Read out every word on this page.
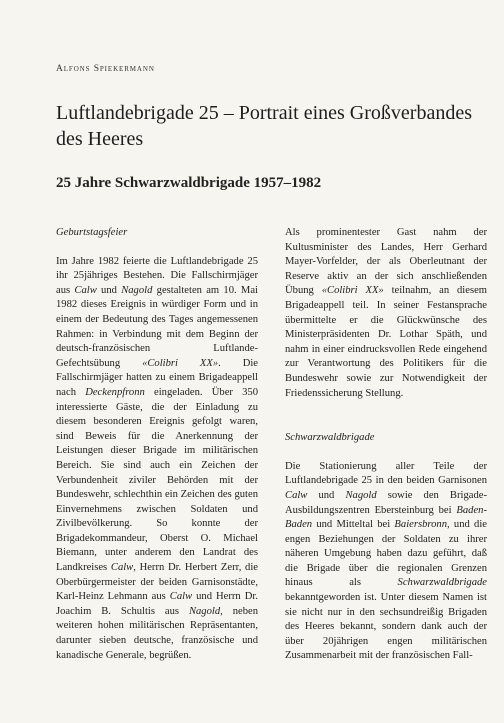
Alfons Spiekermann
Luftlandebrigade 25 – Portrait eines Großverbandes des Heeres
25 Jahre Schwarzwaldbrigade 1957–1982
Geburtstagsfeier

Im Jahre 1982 feierte die Luftlandebrigade 25 ihr 25jähriges Bestehen. Die Fallschirmjäger aus Calw und Nagold gestalteten am 10. Mai 1982 dieses Ereignis in würdiger Form und in einem der Bedeutung des Tages angemessenen Rahmen: in Verbindung mit dem Beginn der deutsch-französischen Luftlande-Gefechtsübung «Colibri XX». Die Fallschirmjäger hatten zu einem Brigadeappell nach Deckenpfronn eingeladen. Über 350 interessierte Gäste, die der Einladung zu diesem besonderen Ereignis gefolgt waren, sind Beweis für die Anerkennung der Leistungen dieser Brigade im militärischen Bereich. Sie sind auch ein Zeichen der Verbundenheit ziviler Behörden mit der Bundeswehr, schlechthin ein Zeichen des guten Einvernehmens zwischen Soldaten und Zivilbevölkerung. So konnte der Brigadekommandeur, Oberst O. Michael Biemann, unter anderem den Landrat des Landkreises Calw, Herrn Dr. Herbert Zerr, die Oberbürgermeister der beiden Garnisonstädte, Karl-Heinz Lehmann aus Calw und Herrn Dr. Joachim B. Schultis aus Nagold, neben weiteren hohen militärischen Repräsentanten, darunter sieben deutsche, französische und kanadische Generale, begrüßen.

Als prominentester Gast nahm der Kultusminister des Landes, Herr Gerhard Mayer-Vorfelder, der als Oberleutnant der Reserve aktiv an der sich anschließenden Übung «Colibri XX» teilnahm, an diesem Brigadeappell teil. In seiner Festansprache übermittelte er die Glückwünsche des Ministerpräsidenten Dr. Lothar Späth, und nahm in einer eindrucksvollen Rede eingehend zur Verantwortung des Politikers für die Bundeswehr sowie zur Notwendigkeit der Friedenssicherung Stellung.

Schwarzwaldbrigade

Die Stationierung aller Teile der Luftlandebrigade 25 in den beiden Garnisonen Calw und Nagold sowie den Brigade-Ausbildungszentren Ebersteinburg bei Baden-Baden und Mitteltal bei Baiersbronn, und die engen Beziehungen der Soldaten zu ihrer näheren Umgebung haben dazu geführt, daß die Brigade über die regionalen Grenzen hinaus als Schwarzwaldbrigade bekanntgeworden ist. Unter diesem Namen ist sie nicht nur in den sechsundreißig Brigaden des Heeres bekannt, sondern dank auch der über 20jährigen engen militärischen Zusammenarbeit mit der französischen Fall-
